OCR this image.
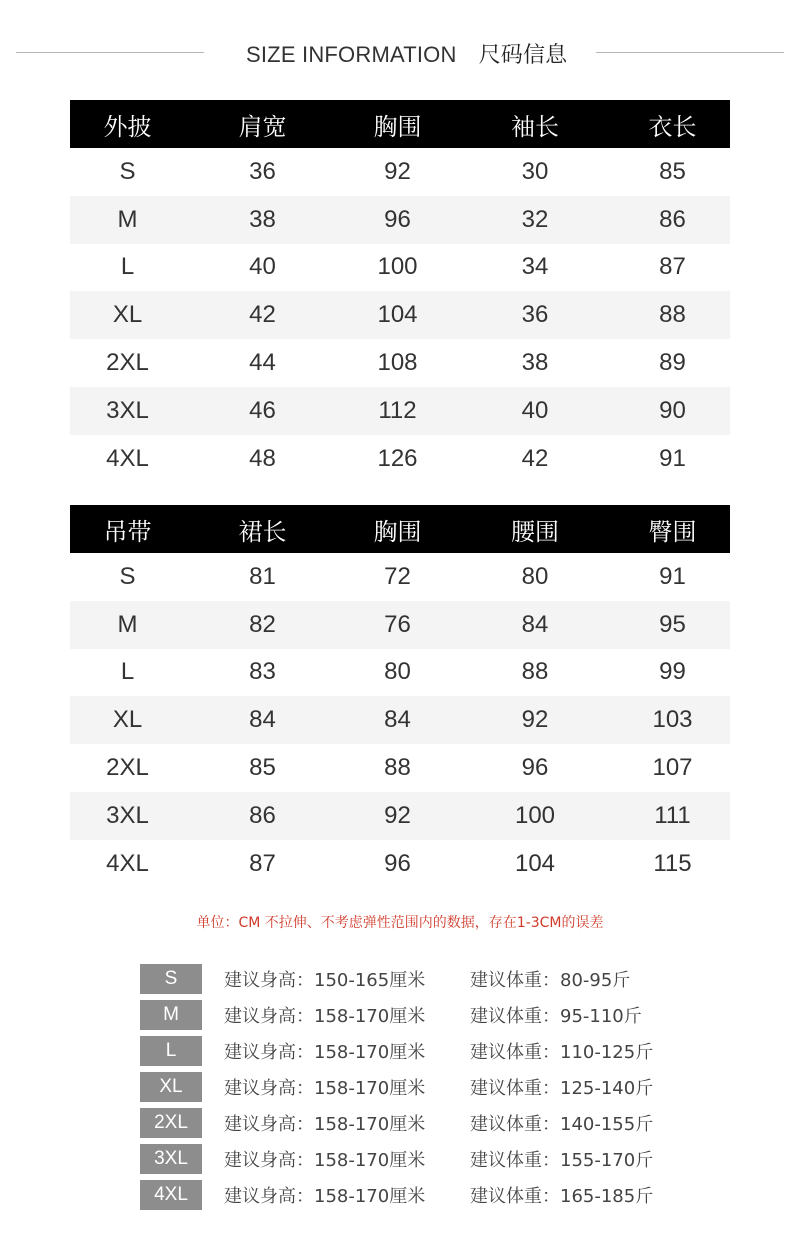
SIZE INFORMATION 尺码信息
外披	肩宽	胸围	袖长	衣长
S	36	92	30	85
M	38	96	32	86
L	40	100	34	87
XL	42	104	36	88
2XL	44	108	38	89
3XL	46	112	40	90
4XL	48	126	42	91
吊带	裙长	胸围	腰围	臀围
S	81	72	80	91
M	82	76	84	95
L	83	80	88	99
XL	84	84	92	103
2XL	85	88	96	107
3XL	86	92	100	111
4XL	87	96	104	115
单位：CM 不拉伸、不考虑弹性范围内的数据，存在1-3CM的误差
S	建议身高：150-165厘米	建议体重：80-95斤
M	建议身高：158-170厘米	建议体重：95-110斤
L	建议身高：158-170厘米	建议体重：110-125斤
XL	建议身高：158-170厘米	建议体重：125-140斤
2XL	建议身高：158-170厘米	建议体重：140-155斤
3XL	建议身高：158-170厘米	建议体重：155-170斤
4XL	建议身高：158-170厘米	建议体重：165-185斤
